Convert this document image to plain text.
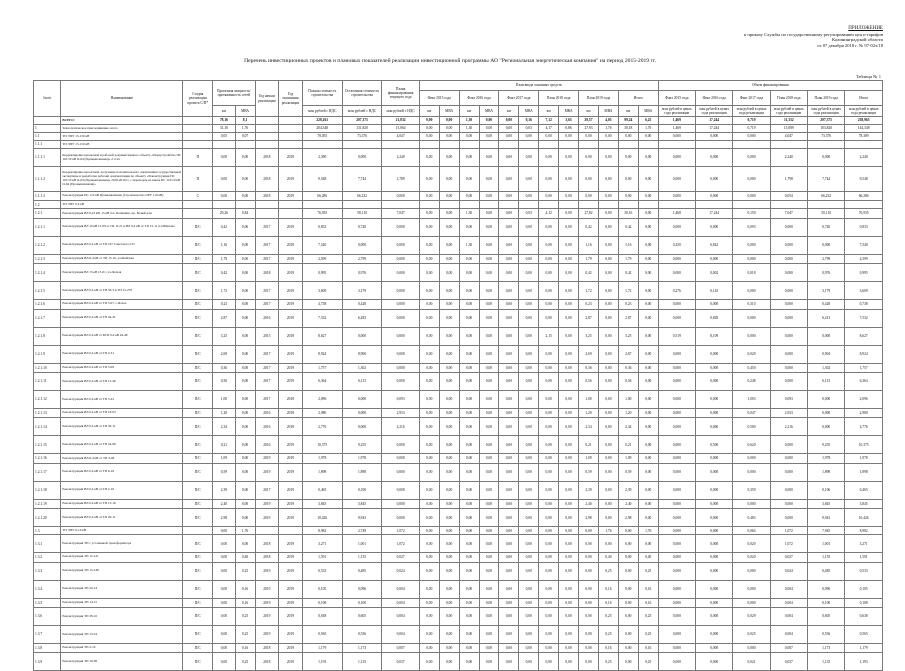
ПРИЛОЖЕНИЕ
к приказу Службы по государственному регулированию цен и тарифов
Калининградской области
от 07 декабря 2018 г. № 97-02э/18
Перечень инвестиционных проектов и плановых показателей реализации инвестиционной программы АО "Региональная энергетическая компания" на период 2015-2019 гг.
Таблица № 1
№п/п	Наименование	Стадия реализации проекта С/П*	Проектная мощность/ протяженность сетей		Год начала реализации	Год окончания реализации	Полная стоимость строительства	Остаточная стоимость строительства	Плана финансирования текущего года	План ввода основных средств												Объем финансирования					
										Факт 2015 года		Факт 2016 года		Факт 2017 года		План 2018 года		План 2019 года		Итого		Факт 2015 года	Факт 2016 года	Факт 2017 года	План 2018 года	План 2019 года	Итого
			км	МВА			млн рублей с НДС	млн рублей с НДС	млн рублей с НДС	км	МВА	км	МВА	км	МВА	км	МВА	км	МВА	км	МВА	млн рублей в ценах года реализации	млн рублей в ценах года реализации	млн рублей в ценах года реализации	млн рублей в ценах года реализации	млн рублей в ценах года реализации	млн рублей в ценах года реализации
	ВСЕГО:		78,16	8,1			228,261	207,375	21,832	0,00	0,00	1,30	0,00	0,00	0,16	7,12	3,65	29,57	4,05	99,24	6,25	1,469	17,244	0,719	11,332	207,375	238,965
1	Технологическое присоединение, всего		31,16	1,76			204,348	131,820	15,064	0,00	0,00	1,30	0,00	0,00	0,03	4,17	0,86	27,93	1,76	30,18	1,76	1,469	17,244	0,719	15,089	103,820	144,348
1.1	ТП ЭПУ 15-150 кВ		0,05	0,07			78,055	73,376	4,047	0,00	0,00	0,00	0,00	0,00	0,00	0,00	0,00	0,00	0,00	0,00	0,00	0,000	0,000	0,000	4,047	73,376	78,389
1.1.1	ТП ЭПУ 15-150 кВ																										
1.1.1.1	Корректировка проектной и рабочей документации по объекту «Переустройство ПС 110/10 кВ О-64 (Промышленная)» 2 этап	П	0,00	0,00	2018	2018	2,390	0,000	2,240	0,00	0,00	0,00	0,00	0,00	0,00	0,00	0,00	0,00	0,00	0,00	0,00	0,000	0,000	0,000	2,240	0,000	2,240
1.1.1.2	Корректировка проектной, получение положительного заключения государственной экспертизы и разработка рабочей документации по объекту «Реконструкция ПС 110/10 кВ О-64 (Промышленная)» 2018-2019 гг. с переходом на вновь ПС 110/10 кВ О-64 (Промышленная)»	П	0,00	0,00	2018	2019	9,548	7,744	1,789	0,00	0,00	0,00	0,00	0,00	0,00	0,00	0,00	0,00	0,00	0,00	0,00	0,000	0,000	0,000	1,798	7,744	9,548
1.1.1.3	Реконструкция ПС 110 кВ Промышленная (Строительство ОРУ 110 кВ)	С	0,00	0,00	2018	2019	66,286	66,232	0,000	0,00	0,00	0,00	0,00	0,00	0,00	0,00	0,00	0,00	0,00	0,00	0,00	0,000	0,000	0,000	0,054	66,232	66,286
1.2	ТП ЭПУ 0,4 кВ																										
1.2.1	Реконструкция ВЛ 0,23 кВ, 15 кВ п.п. Калинина, пр. Белый дом		29,26	0,84			76,935	58,110	7,047	0,00	0,00	1,30	0,00	0,00	0,03	4,12	0,00	27,82	0,00	30,16	0,00	1,469	17,244	0,150	7,047	50,110	76,935
1.2.1.1	Реконструкция ВЛ 10 кВ 15-09 от ПС О-21 и ВЛ 0,4 кВ от ТП 15-11 в п.Шипово	П/С	0,42	0,06	2017	2019	0,833	0,740	0,000	0,00	0,00	0,00	0,00	0,00	0,00	0,00	0,00	0,42	0,00	0,42	0,00	0,000	0,000	0,093	0,000	0,740	0,833
1.2.1.2	Реконструкция ВЛ 0,4 кВ от ТП 167 Советского ГО	П/С	1,16	0,00	2017	2018	7,540	0,000	0,000	0,00	0,00	1,30	0,00	0,00	0,00	0,00	0,00	1,16	0,00	1,16	0,00	0,250	6,842	0,000	0,000	0,000	7,540
1.2.1.3	Реконструкция ВЛ-0,4 кВ от ТП 15-16, ул.Майская	П/С	1,79	0,00	2017	2019	2,599	2,799	0,000	0,00	0,00	0,00	0,00	0,00	0,00	0,00	0,00	1,79	0,00	1,79	0,00	0,000	0,000	0,000	0,000	2,799	2,599
1.2.1.4	Реконструкция ВЛ 15 кВ 15-01, ул.Лесная	П/С	0,42	0,00	2018	2019	0,995	0,976	0,000	0,00	0,00	0,00	0,00	0,00	0,00	0,00	0,00	0,42	0,00	0,42	0,00	0,000	0,002	0,018	0,000	0,976	0,995
1.2.1.5	Реконструкция ВЛ 0,4 кВ от ТП 56-3 и ТП 15-279	П/С	1,72	0,00	2017	2019	3,609	3,179	0,000	0,00	0,00	0,00	0,00	0,00	0,00	0,00	0,00	1,72	0,00	1,72	0,00	0,276	0,145	0,000	0,000	3,179	3,609
1.2.1.6	Реконструкция ВЛ 0,4 кВ от ТП 5-07, с.Ясное	П/С	0,23	0,00	2017	2019	4,738	0,428	0,000	0,00	0,00	0,00	0,00	0,00	0,00	0,00	0,00	0,23	0,00	0,23	0,00	0,000	0,000	0,310	0,000	0,428	0,738
1.2.1.7	Реконструкция ВЛ 0,4 кВ от ТП 04-41	П/С	2,87	0,00	2016	2019	7,532	6,483	0,000	0,00	0,00	0,00	0,00	0,00	0,00	0,00	0,00	2,87	0,00	2,87	0,00	0,000	0,828	0,000	0,000	6,413	7,532
1.2.1.8	Реконструкция ВЛ 0,4 кВ от КТП 0,4 кВ 24-48	П/С	3,25	0,00	2015	2018	8,627	0,000	0,000	0,00	0,00	0,00	0,00	0,00	0,00	2,15	0,00	3,25	0,00	3,25	0,00	0,519	8,109	0,000	0,000	0,000	8,627
1.2.1.9	Реконструкция ВЛ 0,4 кВ от ТП 4-31	П/С	2,69	0,00	2017	2019	8,924	8,900	0,000	0,00	0,00	0,00	0,00	0,00	0,00	0,00	0,00	2,69	0,00	2,67	0,00	0,000	0,000	0,020	0,000	0,904	8,924
1.2.1.10	Реконструкция ВЛ 0,4 кВ от ТП 5-09	П/С	0,36	0,00	2017	2019	1,757	1,302	0,000	0,00	0,00	0,00	0,00	0,00	0,00	0,00	0,00	0,36	0,00	0,36	0,00	0,000	0,000	0,450	0,000	1,302	1,757
1.2.1.11	Реконструкция ВЛ 0,4 кВ от ТП 12-46	П/С	0,56	0,00	2017	2019	6,364	6,115	0,000	0,00	0,00	0,00	0,00	0,00	0,00	0,00	0,00	0,56	0,00	0,56	0,00	0,000	0,000	0,248	0,000	6,115	6,364
1.2.1.12	Реконструкция ВЛ 0,4 кВ от ТП 5-22	П/С	1,00	0,00	2017	2018	2,096	0,000	0,093	0,00	0,00	0,00	0,00	0,00	0,00	0,00	0,00	1,00	0,00	1,00	0,00	0,000	0,000	1,003	0,093	0,000	2,096
1.2.1.13	Реконструкция ВЛ 0,4 кВ от ТП 18-03	П/С	1,20	0,00	2016	2018	2,980	0,000	2,933	0,00	0,00	0,00	0,00	0,00	0,00	0,00	0,00	1,20	0,00	1,20	0,00	0,000	0,000	0,047	2,933	0,000	2,980
1.2.1.14	Реконструкция ВЛ 0,4 кВ от ТП 30-11	П/С	2,34	0,00	2016	2018	2,776	0,000	2,216	0,00	0,00	0,00	0,00	0,00	0,00	0,00	0,00	2,34	0,00	2,34	0,00	0,000	0,060	0,500	2,216	0,000	2,776
1.2.1.15	Реконструкция ВЛ 0,4 кВ от ТП 24-06	П/С	0,21	0,00	2016	2019	10,375	9,255	0,000	0,00	0,00	0,00	0,00	0,00	0,00	0,00	0,00	0,21	0,00	0,21	0,00	0,000	0,500	0,620	0,000	9,255	10,375
1.2.1.16	Реконструкция ВЛ-0,4 кВ от ТП 3-06	П/С	1,09	0,00	2019	2019	1,978	1,978	0,000	0,00	0,00	0,00	0,00	0,00	0,00	0,00	0,00	1,09	0,00	1,09	0,00	0,000	0,000	0,000	0,000	1,978	1,978
1.2.1.17	Реконструкция ВЛ 0,4 кВ от ТП 6-16	П/С	0,59	0,00	2019	2019	1,898	1,898	0,000	0,00	0,00	0,00	0,00	0,00	0,00	0,00	0,00	0,59	0,00	0,59	0,00	0,000	0,000	0,000	0,000	1,898	1,898
1.2.1.18	Реконструкция ВЛ 0,4 кВ от ТП 2-16	П/С	2,39	0,00	2017	2019	0,465	0,106	0,000	0,00	0,00	0,00	0,00	0,00	0,00	0,00	0,00	2,39	0,00	2,39	0,00	0,000	0,000	0,359	0,000	0,106	0,465
1.2.1.19	Реконструкция ВЛ 0,4 кВ от ТП 13-16	П/С	2,40	0,00	2019	2019	3,845	3,845	0,000	0,00	0,00	0,00	0,00	0,00	0,00	0,00	0,00	2,40	0,00	2,40	0,00	0,000	0,000	0,000	0,000	3,845	3,845
1.2.1.20	Реконструкция ВЛ 0,4 кВ от ТП 29-11	П/С	2,98	0,00	2019	2019	10,426	9,943	0,000	0,00	0,00	0,00	0,00	0,00	0,00	0,00	0,00	2,98	0,00	2,98	0,00	0,000	0,000	0,483	0,000	9,943	10,426
1.3	ТП ЭПУ 6-10 кВ		0,00	1,76			8,982	2,749	1,072	0,00	0,00	0,00	0,00	0,00	0,00	0,00	0,00	0,00	1,76	0,00	1,76	0,000	0,000	0,064	1,072	7,945	8,982
1.3.1	Реконструкция ТП с установкой трансформатора	П/С	0,00	0,00	2018	2019	3,271	1,001	1,072	0,00	0,00	0,00	0,00	0,00	0,00	0,00	0,00	0,00	0,00	0,00	0,00	0,000	0,000	0,020	1,072	1,001	3,271
1.3.2	Реконструкция ТП 15-121	П/С	0,00	0,40	2018	2019	1,591	1,155	0,027	0,00	0,00	0,00	0,00	0,00	0,00	0,00	0,00	0,00	0,40	0,00	0,40	0,000	0,000	0,020	0,027	1,155	1,591
1.3.3	Реконструкция ТП 15-148	П/С	0,00	0,25	2019	2019	0,533	0,485	0,024	0,00	0,00	0,00	0,00	0,00	0,00	0,00	0,00	0,00	0,25	0,00	0,25	0,000	0,000	0,000	0,024	0,485	0,533
1.3.4	Реконструкция ТП 20-14	П/С	0,00	0,16	2019	2019	0,105	0,096	0,004	0,00	0,00	0,00	0,00	0,00	0,00	0,00	0,00	0,00	0,16	0,00	0,16	0,000	0,000	0,000	0,004	0,096	0,105
1.3.5	Реконструкция ТП 14-15	П/С	0,00	0,16	2019	2019	0,108	0,100	0,004	0,00	0,00	0,00	0,00	0,00	0,00	0,00	0,00	0,00	0,16	0,00	0,16	0,000	0,000	0,000	0,004	0,100	0,108
1.3.6	Реконструкция ТП 28-16	П/С	0,00	0,25	2019	2019	0,638	0,605	0,004	0,00	0,00	0,00	0,00	0,00	0,00	0,00	0,00	0,00	0,25	0,00	0,25	0,000	0,000	0,029	0,004	0,605	0,638
1.3.7	Реконструкция ТП 13-24	П/С	0,00	0,25	2019	2019	0,565	0,536	0,004	0,00	0,00	0,00	0,00	0,00	0,00	0,00	0,00	0,00	0,25	0,00	0,25	0,000	0,000	0,025	0,004	0,536	0,565
1.3.8	Реконструкция ТП 2-19	П/С	0,00	0,16	2018	2019	1,179	1,173	0,007	0,00	0,00	0,00	0,00	0,00	0,00	0,00	0,00	0,00	0,16	0,00	0,16	0,000	0,000	0,000	0,007	1,173	1,179
1.3.9	Реконструкция ТП 19-09	П/С	0,00	0,25	2018	2019	1,193	1,135	0,037	0,00	0,00	0,00	0,00	0,00	0,00	0,00	0,00	0,00	0,25	0,00	0,25	0,000	0,000	0,021	0,037	1,135	1,193
